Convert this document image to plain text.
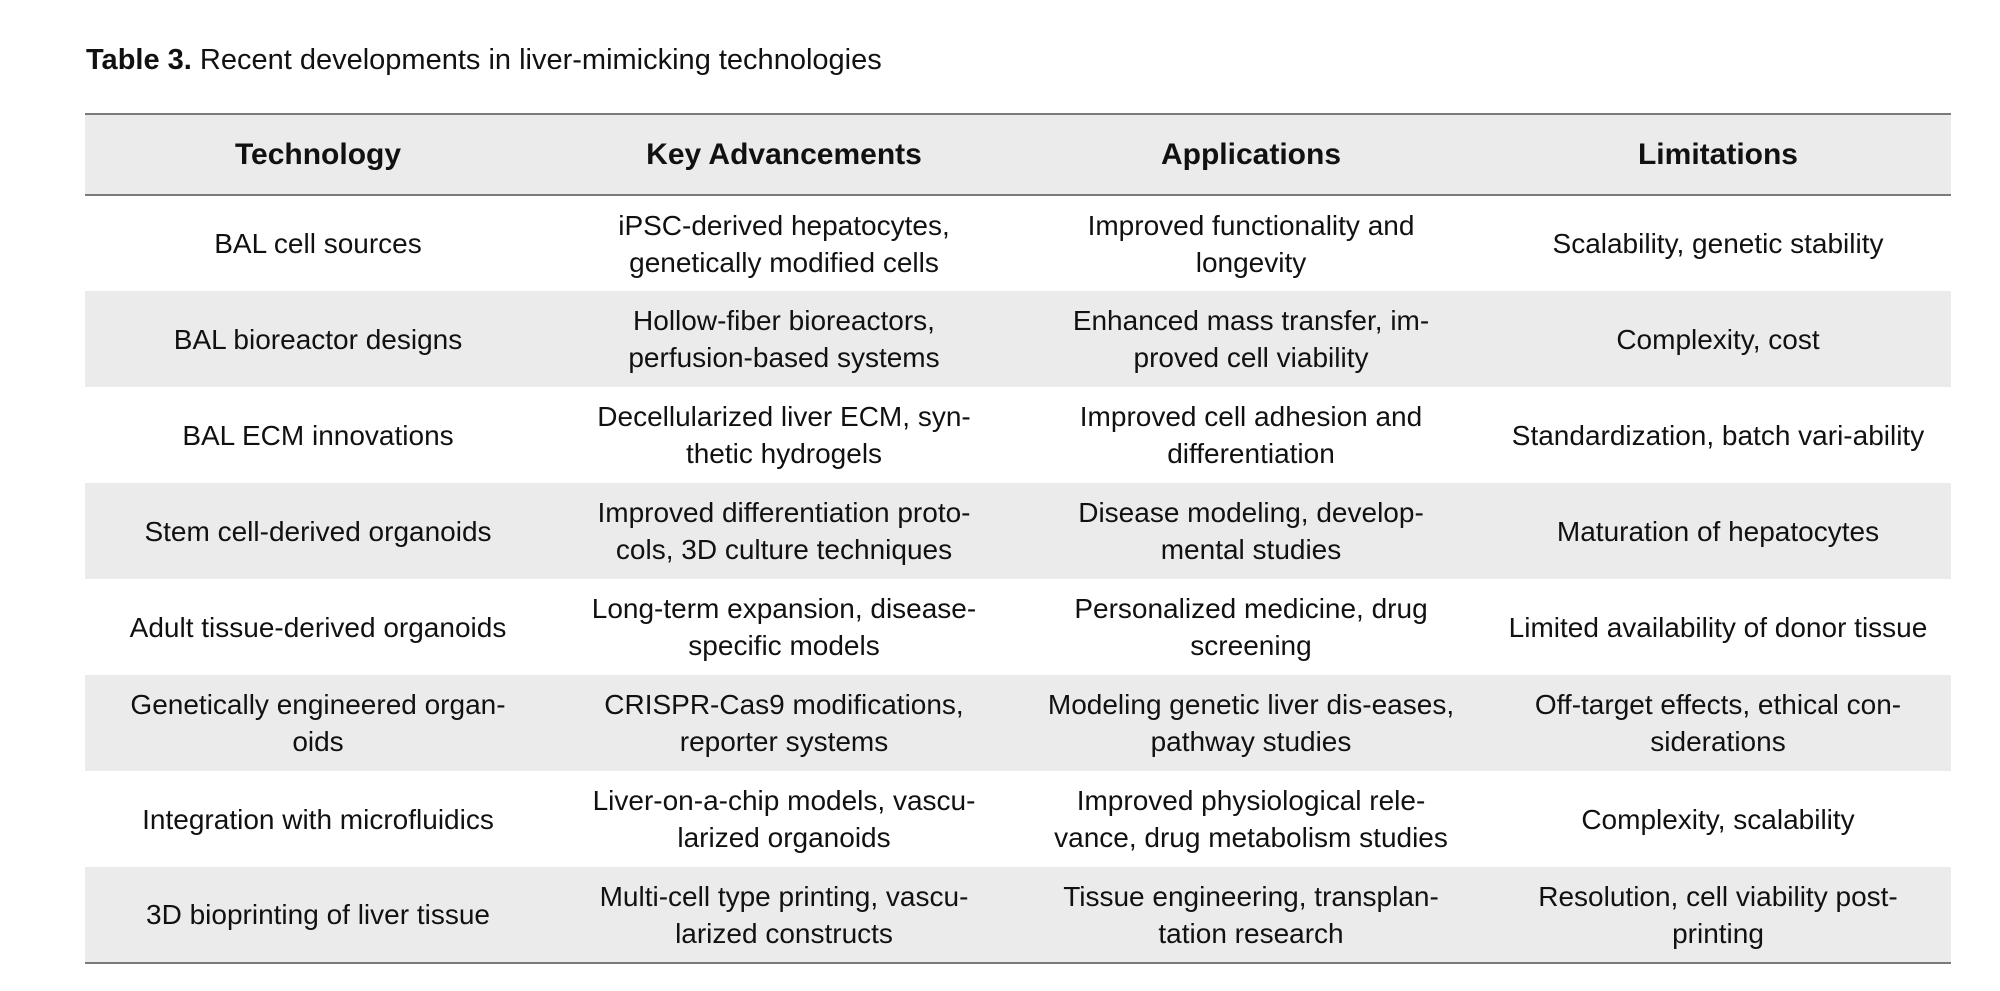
Table 3. Recent developments in liver-mimicking technologies
Technology	Key Advancements	Applications	Limitations
BAL cell sources	iPSC-derived hepatocytes, genetically modified cells	Improved functionality and longevity	Scalability, genetic stability
BAL bioreactor designs	Hollow-fiber bioreactors, perfusion-based systems	Enhanced mass transfer, im-proved cell viability	Complexity, cost
BAL ECM innovations	Decellularized liver ECM, syn-thetic hydrogels	Improved cell adhesion and differentiation	Standardization, batch vari-ability
Stem cell-derived organoids	Improved differentiation proto-cols, 3D culture techniques	Disease modeling, develop-mental studies	Maturation of hepatocytes
Adult tissue-derived organoids	Long-term expansion, disease-specific models	Personalized medicine, drug screening	Limited availability of donor tissue
Genetically engineered organ-oids	CRISPR-Cas9 modifications, reporter systems	Modeling genetic liver dis-eases, pathway studies	Off-target effects, ethical con-siderations
Integration with microfluidics	Liver-on-a-chip models, vascu-larized organoids	Improved physiological rele-vance, drug metabolism studies	Complexity, scalability
3D bioprinting of liver tissue	Multi-cell type printing, vascu-larized constructs	Tissue engineering, transplan-tation research	Resolution, cell viability post-printing
